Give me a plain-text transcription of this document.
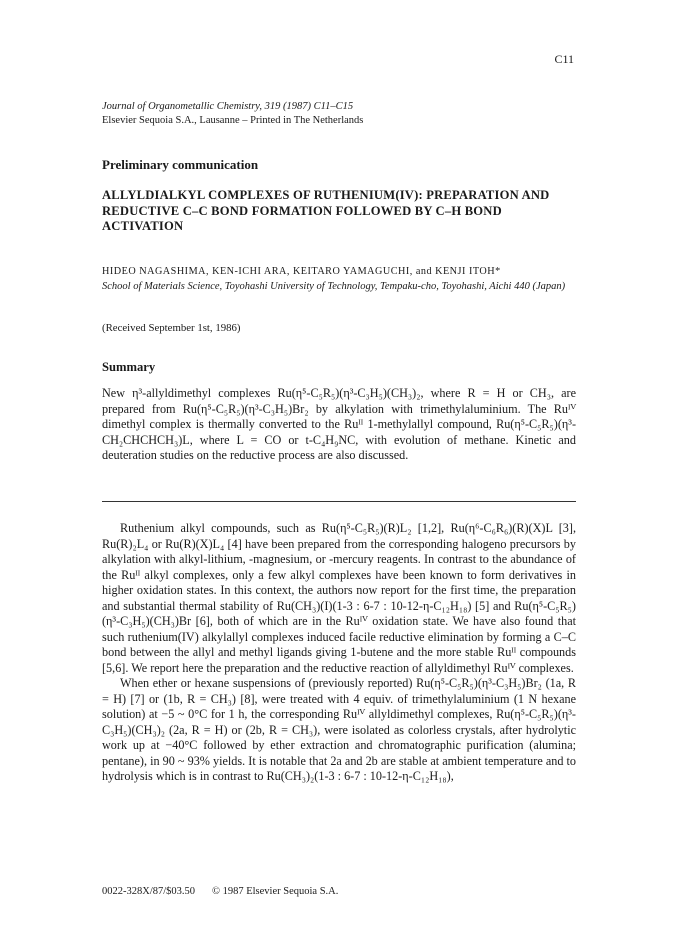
C11
Journal of Organometallic Chemistry, 319 (1987) C11–C15
Elsevier Sequoia S.A., Lausanne – Printed in The Netherlands
Preliminary communication
ALLYLDIALKYL COMPLEXES OF RUTHENIUM(IV): PREPARATION AND REDUCTIVE C–C BOND FORMATION FOLLOWED BY C–H BOND ACTIVATION
HIDEO NAGASHIMA, KEN-ICHI ARA, KEITARO YAMAGUCHI, and KENJI ITOH*
School of Materials Science, Toyohashi University of Technology, Tempaku-cho, Toyohashi, Aichi 440 (Japan)
(Received September 1st, 1986)
Summary
New η³-allyldimethyl complexes Ru(η⁵-C₅R₅)(η³-C₃H₅)(CH₃)₂, where R = H or CH₃, are prepared from Ru(η⁵-C₅R₅)(η³-C₃H₅)Br₂ by alkylation with trimethylaluminium. The Ruᴵⱽ dimethyl complex is thermally converted to the Ruᴵᴵ 1-methylallyl compound, Ru(η⁵-C₅R₅)(η³-CH₂CHCHCH₃)L, where L = CO or t-C₄H₉NC, with evolution of methane. Kinetic and deuteration studies on the reductive process are also discussed.

Ruthenium alkyl compounds, such as Ru(η⁵-C₅R₅)(R)L₂ [1,2], Ru(η⁶-C₆R₆)(R)(X)L [3], Ru(R)₂L₄ or Ru(R)(X)L₄ [4] have been prepared from the corresponding halogeno precursors by alkylation with alkyl-lithium, -magnesium, or -mercury reagents. In contrast to the abundance of the Ruᴵᴵ alkyl complexes, only a few alkyl complexes have been known to form derivatives in higher oxidation states. In this context, the authors now report for the first time, the preparation and substantial thermal stability of Ru(CH₃)(I)(1-3 : 6-7 : 10-12-η-C₁₂H₁₈) [5] and Ru(η⁵-C₅R₅)(η³-C₃H₅)(CH₃)Br [6], both of which are in the Ruᴵⱽ oxidation state. We have also found that such ruthenium(IV) alkylallyl complexes induced facile reductive elimination by forming a C–C bond between the allyl and methyl ligands giving 1-butene and the more stable Ruᴵᴵ compounds [5,6]. We report here the preparation and the reductive reaction of allyldimethyl Ruᴵⱽ complexes.

When ether or hexane suspensions of (previously reported) Ru(η⁵-C₅R₅)(η³-C₃H₅)Br₂ (1a, R = H) [7] or (1b, R = CH₃) [8], were treated with 4 equiv. of trimethylaluminium (1 N hexane solution) at −5 ~ 0°C for 1 h, the corresponding Ruᴵⱽ allyldimethyl complexes, Ru(η⁵-C₅R₅)(η³-C₃H₅)(CH₃)₂ (2a, R = H) or (2b, R = CH₃), were isolated as colorless crystals, after hydrolytic work up at −40°C followed by ether extraction and chromatographic purification (alumina; pentane), in 90 ~ 93% yields. It is notable that 2a and 2b are stable at ambient temperature and to hydrolysis which is in contrast to Ru(CH₃)₂(1-3 : 6-7 : 10-12-η-C₁₂H₁₈),

0022-328X/87/$03.50 © 1987 Elsevier Sequoia S.A.
